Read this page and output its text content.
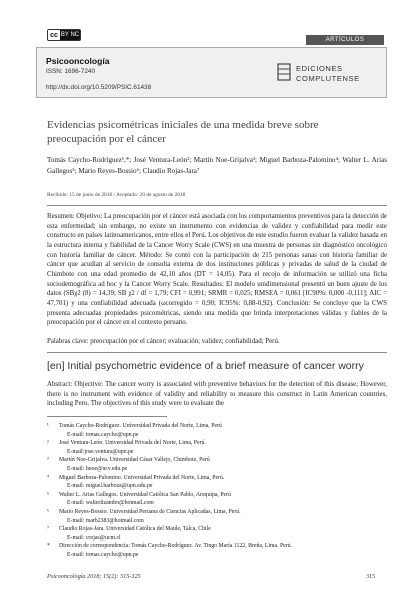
cc BY NC
ARTÍCULOS
Psicooncología
ISSN: 1696-7240
http://dx.doi.org/10.5209/PSIC.61438
EDICIONES
COMPLUTENSE
Evidencias psicométricas iniciales de una medida breve sobre preocupación por el cáncer
Tomás Caycho-Rodríguez¹,*; José Ventura-León²; Martín Noe-Grijalva³; Miguel Barboza-Palomino⁴; Walter L. Arias Gallegos⁵; Mario Reyes-Bossio⁶; Claudio Rojas-Jara⁷
Recibido: 15 de junio de 2018 / Aceptado: 20 de agosto de 2018
Resumen: Objetivo: La preocupación por el cáncer está asociada con los comportamientos preventivos para la detección de esta enfermedad; sin embargo, no existe un instrumento con evidencias de validez y confiabilidad para medir este constructo en países latinoamericanos, entre ellos el Perú. Los objetivos de este estudio fueron evaluar la validez basada en la estructura interna y fiabilidad de la Cancer Worry Scale (CWS) en una muestra de personas sin diagnóstico oncológico con historia familiar de cáncer. Método: Se contó con la participación de 215 personas sanas con historia familiar de cáncer que acudían al servicio de consulta externa de dos instituciones públicas y privadas de salud de la ciudad de Chimbote con una edad promedio de 42,10 años (DT = 14,05). Para el recojo de información se utilizó una ficha sociodemográfica ad hoc y la Cancer Worry Scale. Resultados: El modelo unidimensional presentó un buen ajuste de los datos (SBχ2 (8) = 14,39; SB χ2 / df = 1,79; CFI = 0,991; SRMR = 0,025; RMSEA = 0,061 [IC90%: 0,000 -0,111]; AIC = 47,701) y una confiabilidad adecuada (ωcorregido = 0,90; IC95%: 0,88-0,92). Conclusión: Se concluye que la CWS presenta adecuadas propiedades psicométricas, siendo una medida que brinda interpretaciones válidas y fiables de la preocupación por el cáncer en el contexto peruano.
Palabras clave: preocupación por el cáncer; evaluación; validez; confiabilidad; Perú.
[en] Initial psychometric evidence of a brief measure of cancer worry
Abstract: Objective: The cancer worry is associated with preventive behaviors for the detection of this disease; However, there is no instrument with evidence of validity and reliability to measure this construct in Latin American countries, including Peru. The objectives of this study were to evaluate the
¹	Tomás Caycho-Rodríguez. Universidad Privada del Norte, Lima, Perú
E-mail: tomas.caycho@upn.pe
²	José Ventura-León. Universidad Privada del Norte, Lima, Perú.
E-mail:jose.ventura@upn.pe
³	Martín Noe-Grijalva. Universidad César Vallejo, Chimbote, Perú
E-mail: hnoe@ucv.edu.pe
⁴	Miguel Barboza-Palomino. Universidad Privada del Norte, Lima, Perú.
E-mail: miguel.barboza@upn.edu.pe
⁵	Walter L. Arias Gallegos. Universidad Católica San Pablo, Arequipa, Perú
E-mail: walterlizandro@hotmail.com
⁶	Mario Reyes-Bossio. Universidad Peruana de Ciencias Aplicadas, Lima, Perú.
E-mail: marb2383@hotmail.com
⁷	Claudio Rojas-Jara. Universidad Católica del Maule, Talca, Chile
E-mail: crojas@ucm.cl
*	Dirección de correspondencia: Tomás Caycho-Rodríguez. Av. Tingo María 1122, Breña, Lima. Perú.
E-mail: tomas.caycho@upn.pe
Psicooncología 2018; 15(2): 315-325	315
